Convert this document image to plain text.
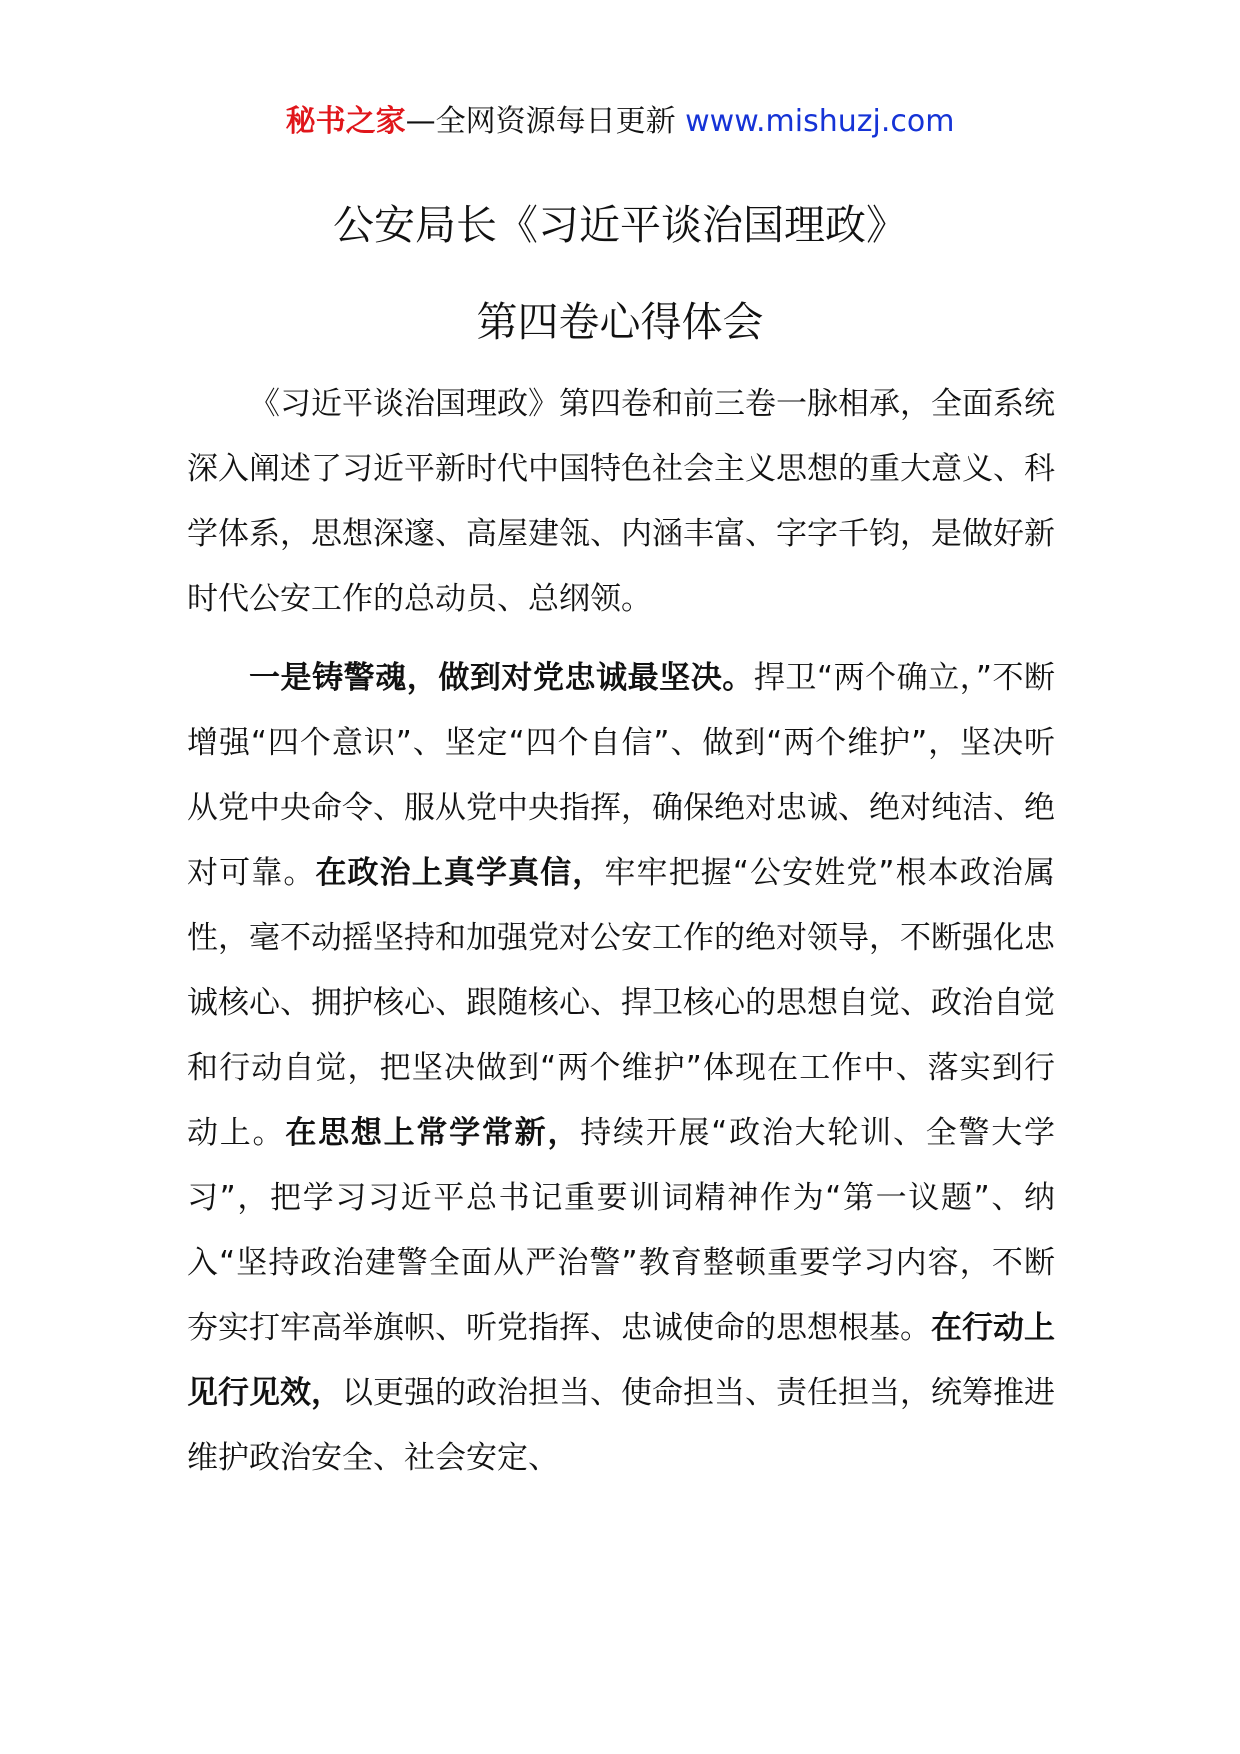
秘书之家—全网资源每日更新 www.mishuzj.com
公安局长《习近平谈治国理政》
第四卷心得体会

《习近平谈治国理政》第四卷和前三卷一脉相承，全面系统深入阐述了习近平新时代中国特色社会主义思想的重大意义、科学体系，思想深邃、高屋建瓴、内涵丰富、字字千钧，是做好新时代公安工作的总动员、总纲领。

一是铸警魂，做到对党忠诚最坚决。捍卫“两个确立，”不断增强“四个意识”、坚定“四个自信”、做到“两个维护”，坚决听从党中央命令、服从党中央指挥，确保绝对忠诚、绝对纯洁、绝对可靠。在政治上真学真信，牢牢把握“公安姓党”根本政治属性，毫不动摇坚持和加强党对公安工作的绝对领导，不断强化忠诚核心、拥护核心、跟随核心、捍卫核心的思想自觉、政治自觉和行动自觉，把坚决做到“两个维护”体现在工作中、落实到行动上。在思想上常学常新，持续开展“政治大轮训、全警大学习”，把学习习近平总书记重要训词精神作为“第一议题”、纳入“坚持政治建警全面从严治警”教育整顿重要学习内容，不断夯实打牢高举旗帜、听党指挥、忠诚使命的思想根基。在行动上见行见效，以更强的政治担当、使命担当、责任担当，统筹推进维护政治安全、社会安定、
